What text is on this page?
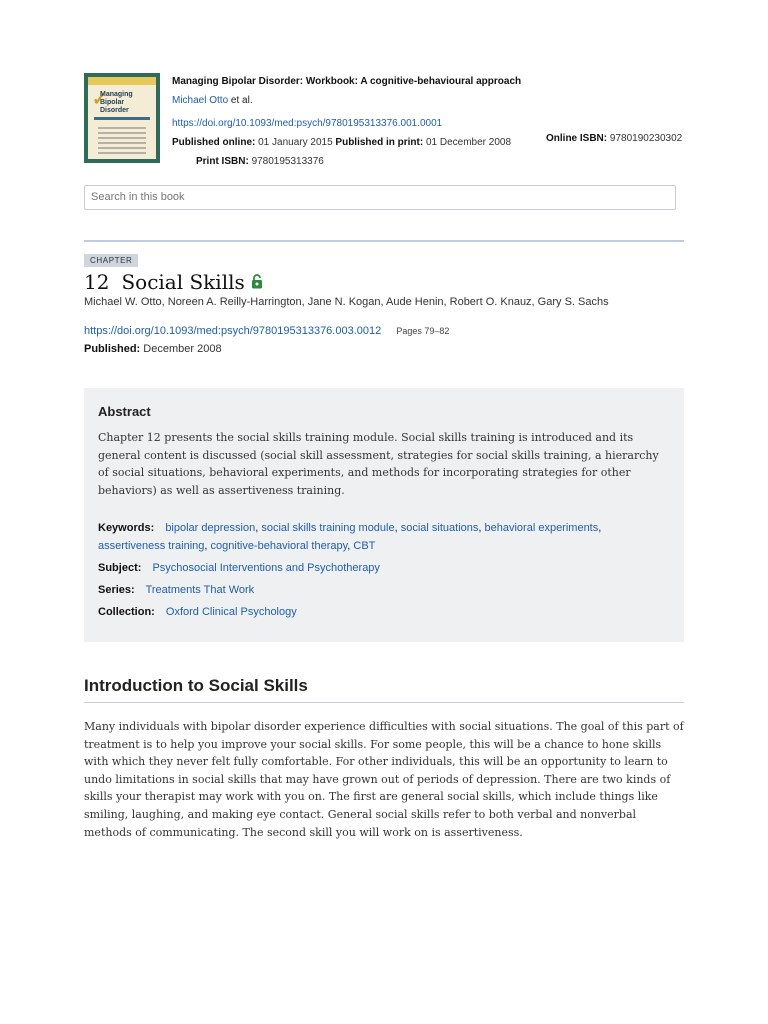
✓
Managing Bipolar
Disorder
Managing Bipolar Disorder: Workbook: A cognitive-behavioural approach
Michael Otto et al.
https://doi.org/10.1093/med:psych/9780195313376.001.0001
Published online: 01 January 2015 Published in print: 01 December 2008	Online ISBN: 9780190230302
Print ISBN: 9780195313376
Search in this book
CHAPTER
12 Social Skills
Michael W. Otto, Noreen A. Reilly-Harrington, Jane N. Kogan, Aude Henin, Robert O. Knauz, Gary S. Sachs
https://doi.org/10.1093/med:psych/9780195313376.003.0012 Pages 79–82
Published: December 2008
Abstract
Chapter 12 presents the social skills training module. Social skills training is introduced and its general content is discussed (social skill assessment, strategies for social skills training, a hierarchy of social situations, behavioral experiments, and methods for incorporating strategies for other behaviors) as well as assertiveness training.
Keywords: bipolar depression, social skills training module, social situations, behavioral experiments, assertiveness training, cognitive-behavioral therapy, CBT
Subject: Psychosocial Interventions and Psychotherapy
Series: Treatments That Work
Collection: Oxford Clinical Psychology
Introduction to Social Skills
Many individuals with bipolar disorder experience difficulties with social situations. The goal of this part of treatment is to help you improve your social skills. For some people, this will be a chance to hone skills with which they never felt fully comfortable. For other individuals, this will be an opportunity to learn to undo limitations in social skills that may have grown out of periods of depression. There are two kinds of skills your therapist may work with you on. The first are general social skills, which include things like smiling, laughing, and making eye contact. General social skills refer to both verbal and nonverbal methods of communicating. The second skill you will work on is assertiveness.
